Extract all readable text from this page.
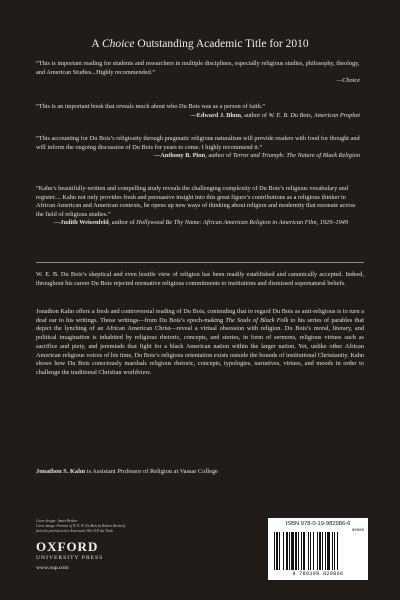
A Choice Outstanding Academic Title for 2010
“This is important reading for students and researchers in multiple disciplines, especially religious studies, philosophy, theology, and American Studies...Highly recommended.”
—Choice
“This is an important book that reveals much about who Du Bois was as a person of faith.”
—Edward J. Blum, author of W. E. B. Du Bois, American Prophet
“This accounting for Du Bois’s religiosity through pragmatic religious naturalism will provide readers with food for thought and will inform the ongoing discussion of Du Bois for years to come. I highly recommend it.”
—Anthony B. Pinn, author of Terror and Triumph: The Nature of Black Religion
“Kahn’s beautifully-written and compelling study reveals the challenging complexity of Du Bois’s religious vocabulary and register.... Kahn not only provides fresh and persuasive insight into this great figure’s contributions as a religious thinker in African American and American contexts, he opens up new ways of thinking about religion and modernity that resonate across the field of religious studies.”
—Judith Weisenfeld, author of Hollywood Be Thy Name: African American Religion in American Film, 1929–1949
W. E. B. Du Bois’s skeptical and even hostile view of religion has been readily established and canonically accepted. Indeed, throughout his career Du Bois rejected normative religious commitments to institutions and dismissed supernatural beliefs.
Jonathon Kahn offers a fresh and controversial reading of Du Bois, contending that to regard Du Bois as anti-religious is to turn a deaf ear to his writings. Those writings—from Du Bois’s epoch-making The Souls of Black Folk to his series of parables that depict the lynching of an African American Christ—reveal a virtual obsession with religion. Du Bois’s moral, literary, and political imagination is inhabited by religious rhetoric, concepts, and stories, in form of sermons, religious virtues such as sacrifice and piety, and jeremiads that fight for a black American nation within the larger nation. Yet, unlike other African American religious voices of his time, Du Bois’s religious orientation exists outside the bounds of institutional Christianity. Kahn shows how Du Bois consciously marshals religious rhetoric, concepts, typologies, narratives, virtues, and moods in order to challenge the traditional Christian worldview.
Jonathon S. Kahn is Assistant Professor of Religion at Vassar College
Cover design: James Brisker
Cover image: Portrait of W. E. B. Du Bois by Robert Shetterly
from his portrait series Americans Who Tell the Truth
OXFORD
UNIVERSITY PRESS
www.oup.com
ISBN 978-0-19-982986-6
90000
9 780199 829866
